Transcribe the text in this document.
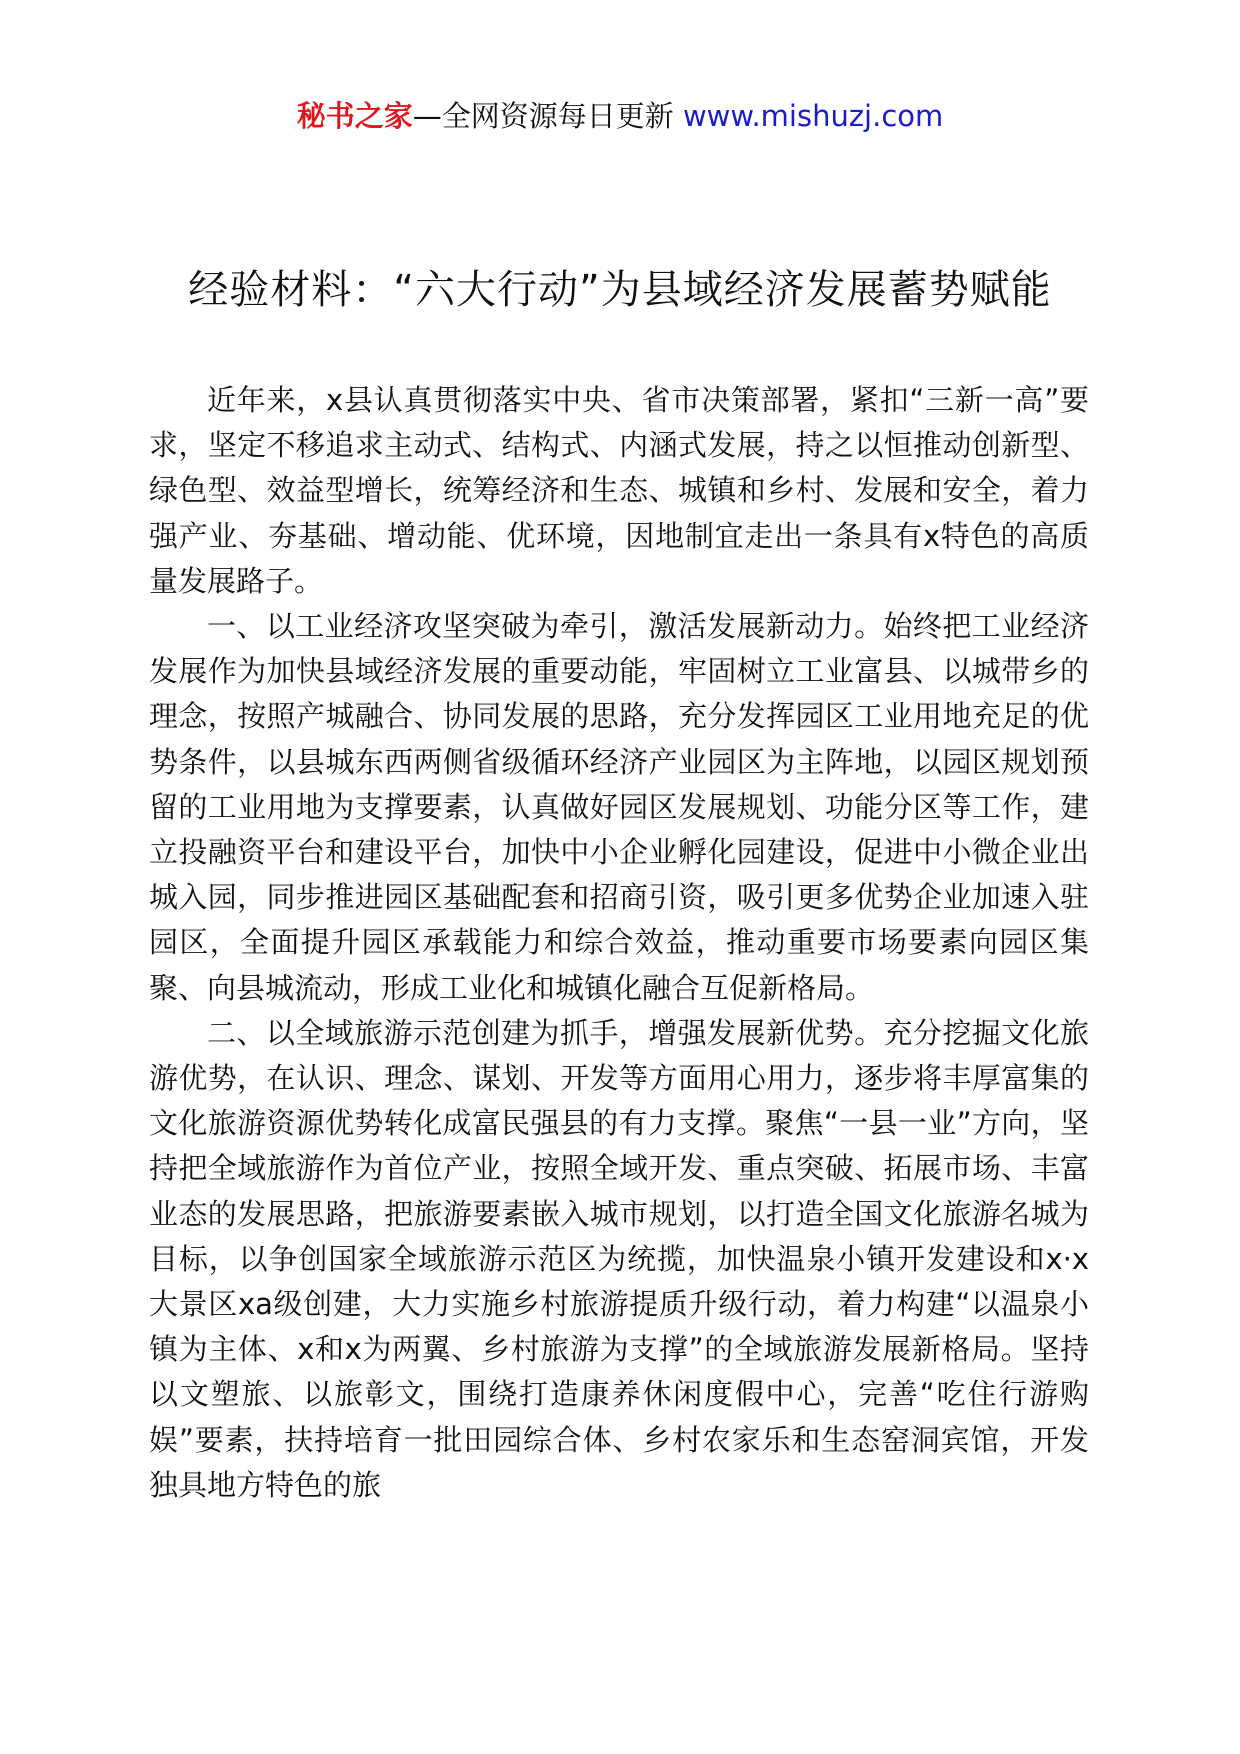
秘书之家—全网资源每日更新 www.mishuzj.com
经验材料：“六大行动”为县域经济发展蓄势赋能

近年来，x县认真贯彻落实中央、省市决策部署，紧扣“三新一高”要求，坚定不移追求主动式、结构式、内涵式发展，持之以恒推动创新型、绿色型、效益型增长，统筹经济和生态、城镇和乡村、发展和安全，着力强产业、夯基础、增动能、优环境，因地制宜走出一条具有x特色的高质量发展路子。

一、以工业经济攻坚突破为牵引，激活发展新动力。始终把工业经济发展作为加快县域经济发展的重要动能，牢固树立工业富县、以城带乡的理念，按照产城融合、协同发展的思路，充分发挥园区工业用地充足的优势条件，以县城东西两侧省级循环经济产业园区为主阵地，以园区规划预留的工业用地为支撑要素，认真做好园区发展规划、功能分区等工作，建立投融资平台和建设平台，加快中小企业孵化园建设，促进中小微企业出城入园，同步推进园区基础配套和招商引资，吸引更多优势企业加速入驻园区，全面提升园区承载能力和综合效益，推动重要市场要素向园区集聚、向县城流动，形成工业化和城镇化融合互促新格局。

二、以全域旅游示范创建为抓手，增强发展新优势。充分挖掘文化旅游优势，在认识、理念、谋划、开发等方面用心用力，逐步将丰厚富集的文化旅游资源优势转化成富民强县的有力支撑。聚焦“一县一业”方向，坚持把全域旅游作为首位产业，按照全域开发、重点突破、拓展市场、丰富业态的发展思路，把旅游要素嵌入城市规划，以打造全国文化旅游名城为目标，以争创国家全域旅游示范区为统揽，加快温泉小镇开发建设和x·x大景区xa级创建，大力实施乡村旅游提质升级行动，着力构建“以温泉小镇为主体、x和x为两翼、乡村旅游为支撑”的全域旅游发展新格局。坚持以文塑旅、以旅彰文，围绕打造康养休闲度假中心，完善“吃住行游购娱”要素，扶持培育一批田园综合体、乡村农家乐和生态窑洞宾馆，开发独具地方特色的旅
